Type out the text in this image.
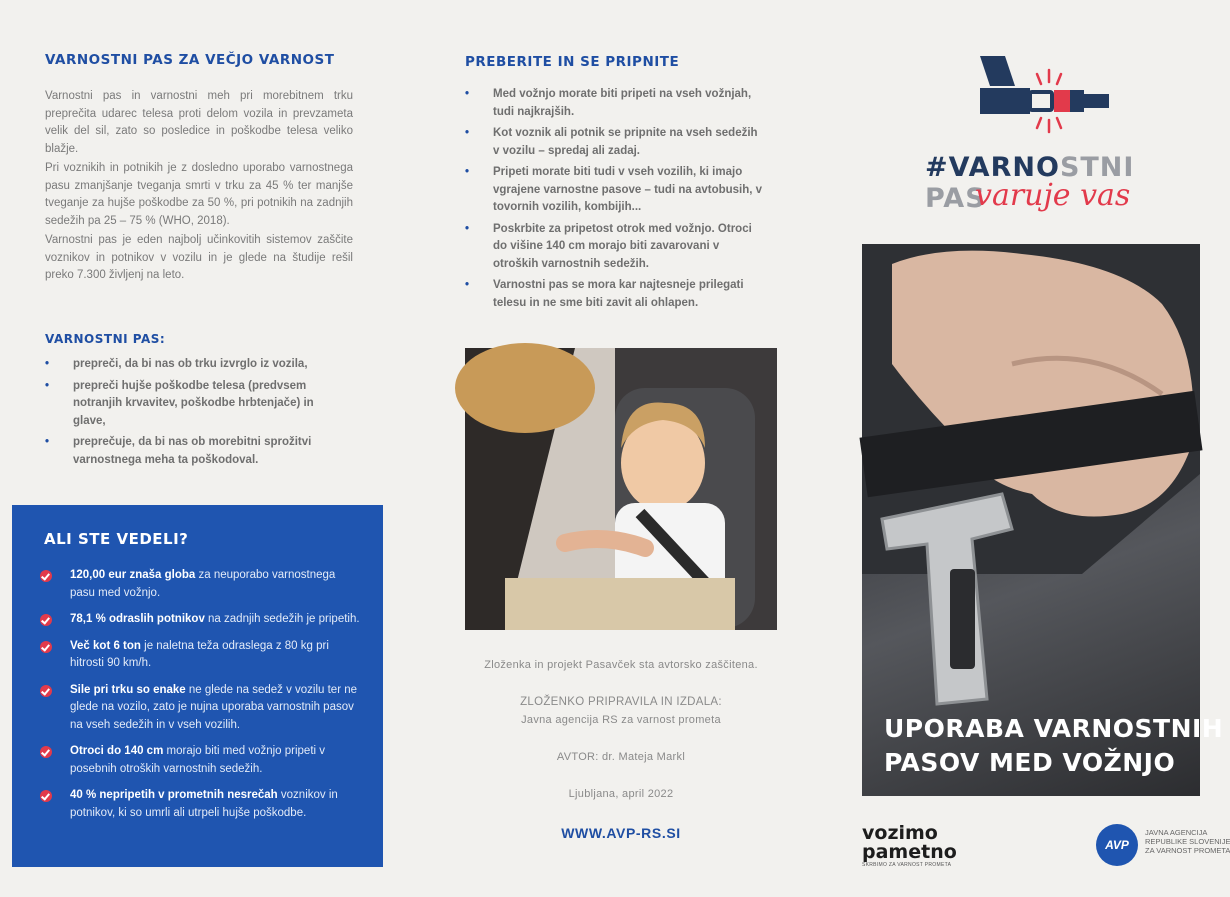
VARNOSTNI PAS ZA VEČJO VARNOST

Varnostni pas in varnostni meh pri morebitnem trku preprečita udarec telesa proti delom vozila in prevzameta velik del sil, zato so posledice in poškodbe telesa veliko blažje.

Pri voznikih in potnikih je z doslednо uporabo varnostnega pasu zmanjšanje tveganja smrti v trku za 45 % ter manjše tveganje za hujše poškodbe za 50 %, pri potnikih na zadnjih sedežih pa 25 – 75 % (WHO, 2018).

Varnostni pas je eden najbolj učinkovitih sistemov zaščite voznikov in potnikov v vozilu in je glede na študije rešil preko 7.300 življenj na leto.

VARNOSTNI PAS:
• prepreči, da bi nas ob trku izvrglo iz vozila,
• prepreči hujše poškodbe telesa (predvsem notranjih krvavitev, poškodbe hrbtenjače) in glave,
• preprečuje, da bi nas ob morebitni sprožitvi varnostnega meha ta poškodoval.
ALI STE VEDELI?
120,00 eur znaša globa za neuporabo varnostnega pasu med vožnjo.
78,1 % odraslih potnikov na zadnjih sedežih je pripetih.
Več kot 6 ton je naletna teža odraslega z 80 kg pri hitrosti 90 km/h.
Sile pri trku so enake ne glede na sedež v vozilu ter ne glede na vozilo, zato je nujna uporaba varnostnih pasov na vseh sedežih in v vseh vozilih.
Otroci do 140 cm morajo biti med vožnjo pripeti v posebnih otroških varnostnih sedežih.
40 % nepripetih v prometnih nesrečah voznikov in potnikov, ki so umrli ali utrpeli hujše poškodbe.
PREBERITE IN SE PRIPNITE
• Med vožnjo morate biti pripeti na vseh vožnjah, tudi najkrajših.
• Kot voznik ali potnik se pripnite na vseh sedežih v vozilu – spredaj ali zadaj.
• Pripeti morate biti tudi v vseh vozilih, ki imajo vgrajene varnostne pasove – tudi na avtobusih, v tovornih vozilih, kombijih...
• Poskrbite za pripetost otrok med vožnjo. Otroci do višine 140 cm morajo biti zavarovani v otroških varnostnih sedežih.
• Varnostni pas se mora kar najtesneje prilegati telesu in ne sme biti zavit ali ohlapen.
Zloženka in projekt Pasavček sta avtorsko zaščitena.
ZLOŽENKO PRIPRAVILA IN IZDALA:
Javna agencija RS za varnost prometa
AVTOR: dr. Mateja Markl
Ljubljana, april 2022
WWW.AVP-RS.SI
#VARNOSTNI PAS
varuje vas
UPORABA VARNOSTNIH
PASOV MED VOŽNJO
vozimo
pametno
SKRBIMO ZA VARNOST PROMETA
AVP
JAVNA AGENCIJA
REPUBLIKE SLOVENIJE
ZA VARNOST PROMETA
